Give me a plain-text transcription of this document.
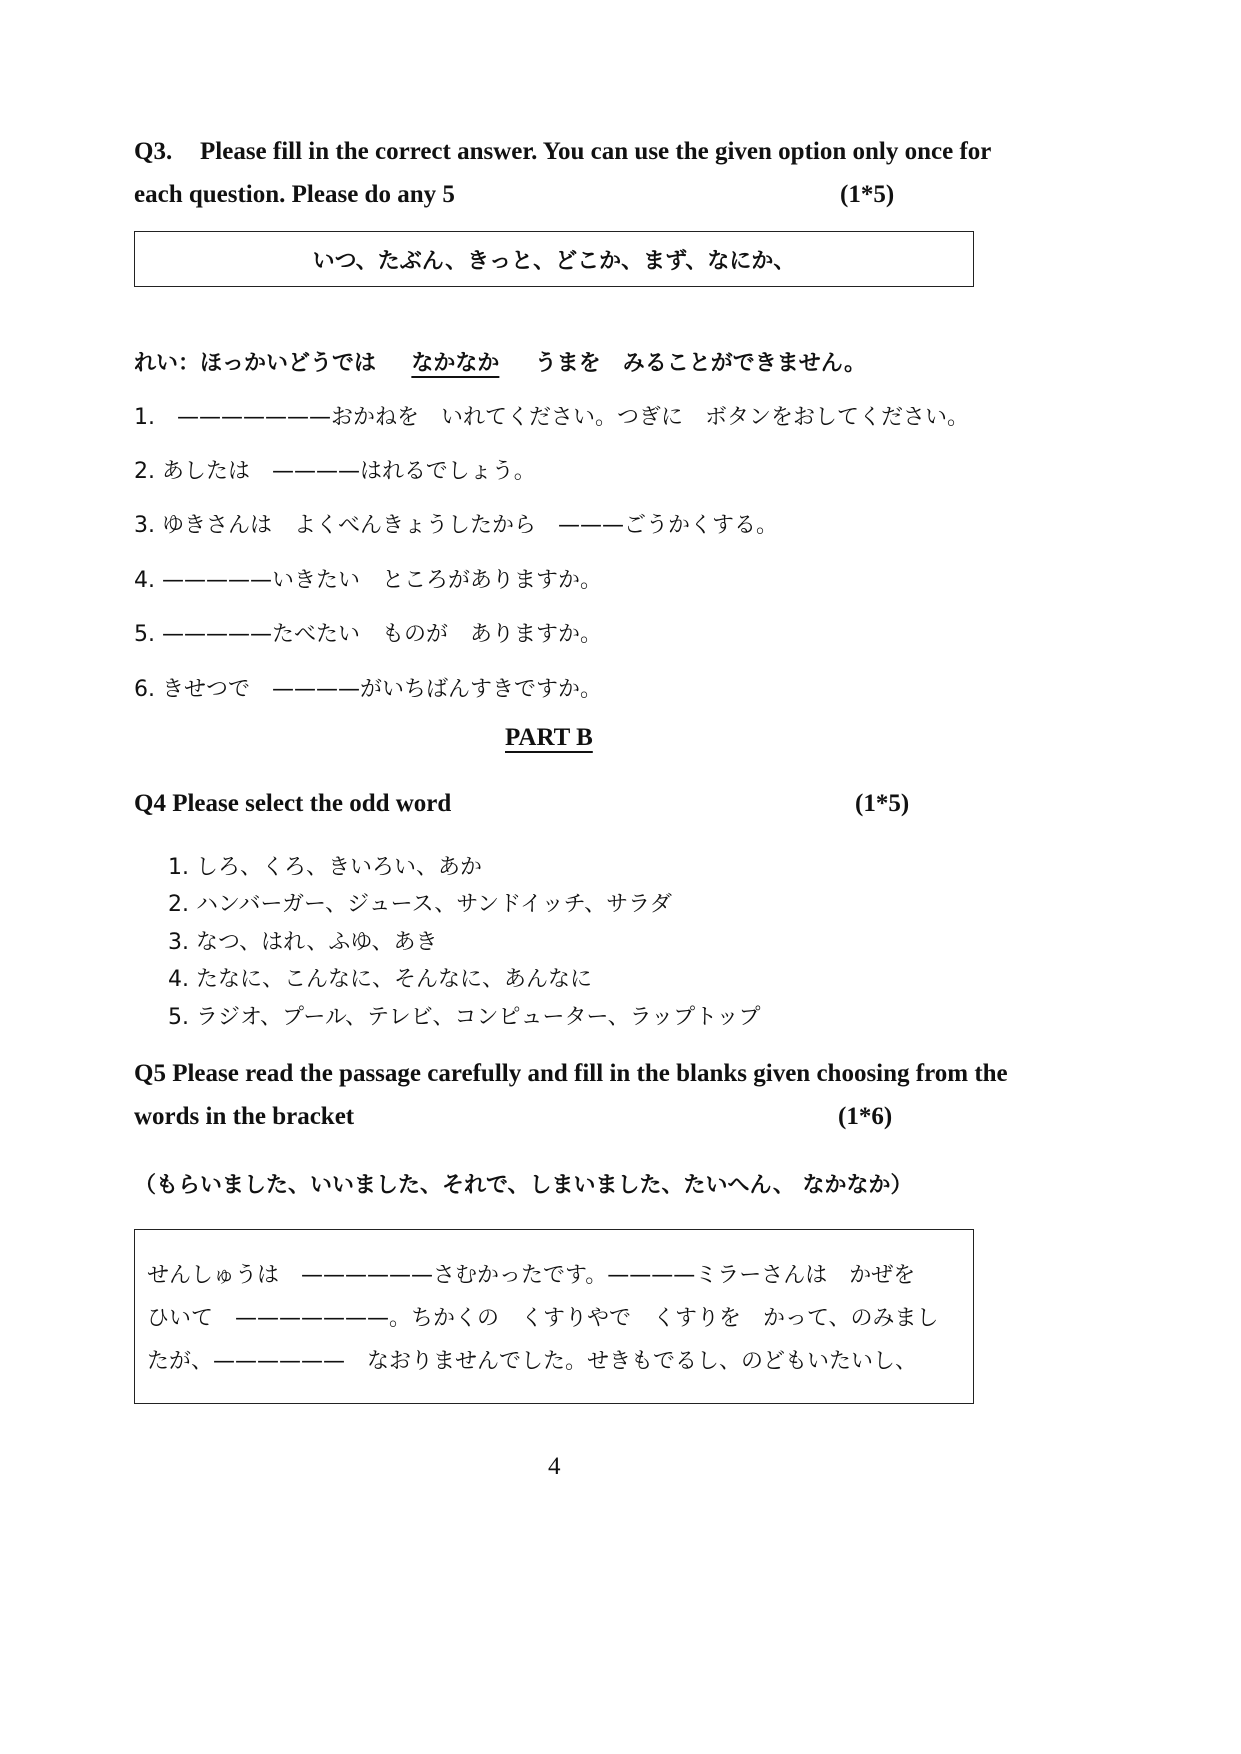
Q3. Please fill in the correct answer. You can use the given option only once for
each question. Please do any 5	(1*5)
いつ、たぶん、きっと、どこか、まず、なにか、
れい：ほっかいどうでは なかなか うまを　みることができません。
1.　———————おかねを　いれてください。つぎに　ボタンをおしてください。
2. あしたは　————はれるでしょう。
3. ゆきさんは　よくべんきょうしたから　———ごうかくする。
4. —————いきたい　ところがありますか。
5. —————たべたい　ものが　ありますか。
6. きせつで　————がいちばんすきですか。
PART B
Q4 Please select the odd word	(1*5)
1. しろ、くろ、きいろい、あか
2. ハンバーガー、ジュース、サンドイッチ、サラダ
3. なつ、はれ、ふゆ、あき
4. たなに、こんなに、そんなに、あんなに
5. ラジオ、プール、テレビ、コンピューター、ラップトップ
Q5 Please read the passage carefully and fill in the blanks given choosing from the
words in the bracket	(1*6)
（もらいました、いいました、それで、しまいました、たいへん、 なかなか）
せんしゅうは　——————さむかったです。————ミラーさんは　かぜを
ひいて　———————。ちかくの　くすりやで　くすりを　かって、のみまし
たが、——————　なおりませんでした。せきもでるし、のどもいたいし、
4
